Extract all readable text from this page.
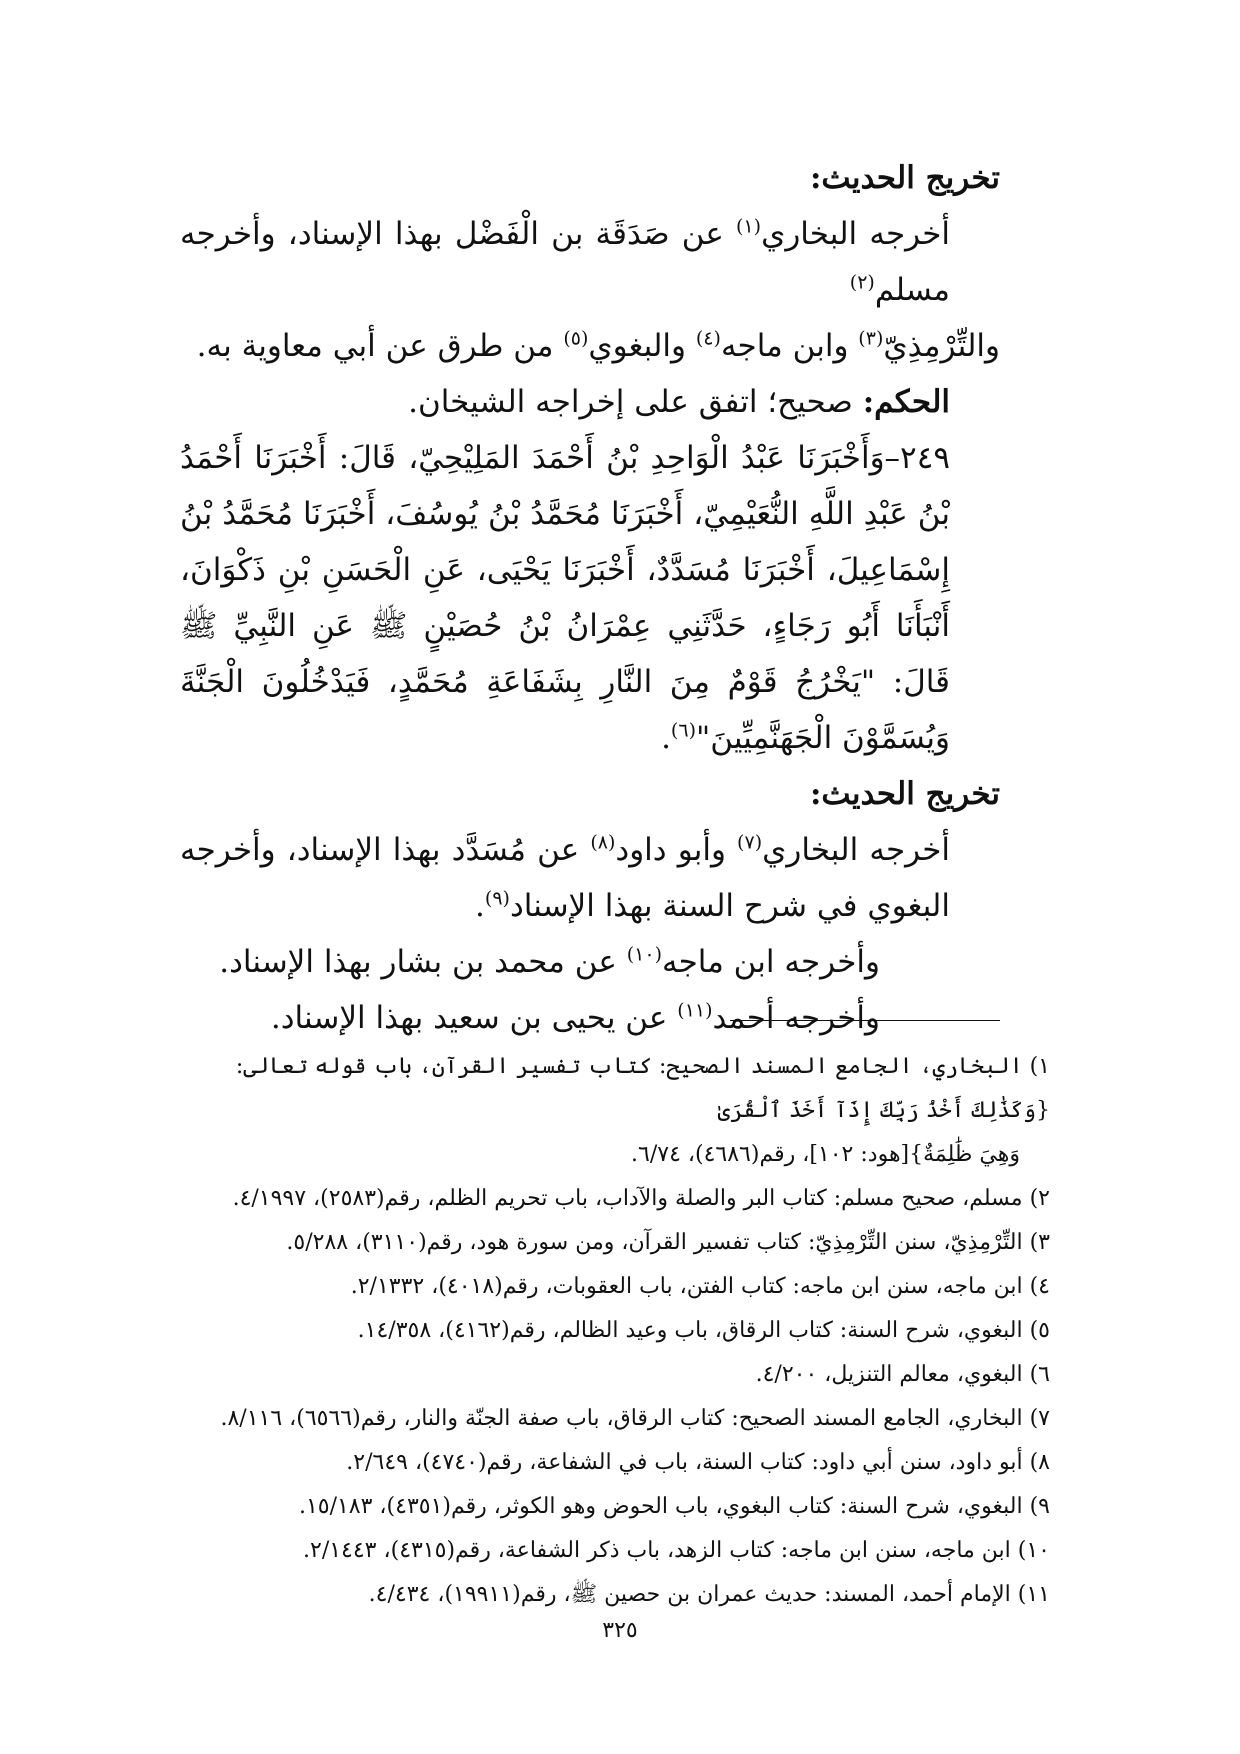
تخريج الحديث:

أخرجه البخاري$^{(١)}$ عن صَدَقَة بن الْفَضْل بهذا الإسناد، وأخرجه مسلم$^{(٢)}$

والتِّرْمِذِيّ$^{(٣)}$ وابن ماجه$^{(٤)}$ والبغوي$^{(٥)}$ من طرق عن أبي معاوية به.

الحكم: صحيح؛ اتفق على إخراجه الشيخان.

٢٤٩–وَأَخْبَرَنَا عَبْدُ الْوَاحِدِ بْنُ أَحْمَدَ المَلِيْحِيّ، قَالَ: أَخْبَرَنَا أَحْمَدُ بْنُ عَبْدِ اللَّهِ النُّعَيْمِيّ، أَخْبَرَنَا مُحَمَّدُ بْنُ يُوسُفَ، أَخْبَرَنَا مُحَمَّدُ بْنُ إِسْمَاعِيلَ، أَخْبَرَنَا مُسَدَّدٌ، أَخْبَرَنَا يَحْيَى، عَنِ الْحَسَنِ بْنِ ذَكْوَانَ، أَنْبَأَنَا أَبُو رَجَاءٍ، حَدَّثَنِي عِمْرَانُ بْنُ حُصَيْنٍ ﷺ عَنِ النَّبِيِّ ﷺ قَالَ: "يَخْرُجُ قَوْمٌ مِنَ النَّارِ بِشَفَاعَةِ مُحَمَّدٍ، فَيَدْخُلُونَ الْجَنَّةَ وَيُسَمَّوْنَ الْجَهَنَّمِيِّينَ"$^{(٦)}$.

تخريج الحديث:

أخرجه البخاري$^{(٧)}$ وأبو داود$^{(٨)}$ عن مُسَدَّد بهذا الإسناد، وأخرجه البغوي في شرح السنة بهذا الإسناد$^{(٩)}$.

وأخرجه ابن ماجه$^{(١٠)}$ عن محمد بن بشار بهذا الإسناد.

وأخرجه أحمد$^{(١١)}$ عن يحيى بن سعيد بهذا الإسناد.

١) البخاري، الجامع المسند الصحيح: كتاب تفسير القرآن، باب قوله تعالى: {وَكَذَٰلِكَ أَخْذُ رَبِّكَ إِذَآ أَخَذَ ٱلْقُرَىٰ
وَهِيَ ظَٰلِمَةٌ}[هود: ١٠٢]، رقم(٤٦٨٦)، ٦/٧٤.

٢) مسلم، صحيح مسلم: كتاب البر والصلة والآداب، باب تحريم الظلم، رقم(٢٥٨٣)، ٤/١٩٩٧.

٣) التِّرْمِذِيّ، سنن التِّرْمِذِيّ: كتاب تفسير القرآن، ومن سورة هود، رقم(٣١١٠)، ٥/٢٨٨.

٤) ابن ماجه، سنن ابن ماجه: كتاب الفتن، باب العقوبات، رقم(٤٠١٨)، ٢/١٣٣٢.

٥) البغوي، شرح السنة: كتاب الرقاق، باب وعيد الظالم، رقم(٤١٦٢)، ١٤/٣٥٨.

٦) البغوي، معالم التنزيل، ٤/٢٠٠.

٧) البخاري، الجامع المسند الصحيح: كتاب الرقاق، باب صفة الجنّة والنار، رقم(٦٥٦٦)، ٨/١١٦.

٨) أبو داود، سنن أبي داود: كتاب السنة، باب في الشفاعة، رقم(٤٧٤٠)، ٢/٦٤٩.

٩) البغوي، شرح السنة: كتاب البغوي، باب الحوض وهو الكوثر، رقم(٤٣٥١)، ١٥/١٨٣.

١٠) ابن ماجه، سنن ابن ماجه: كتاب الزهد، باب ذكر الشفاعة، رقم(٤٣١٥)، ٢/١٤٤٣.

١١) الإمام أحمد، المسند: حديث عمران بن حصين ﷺ، رقم(١٩٩١١)، ٤/٤٣٤.

٣٢٥
